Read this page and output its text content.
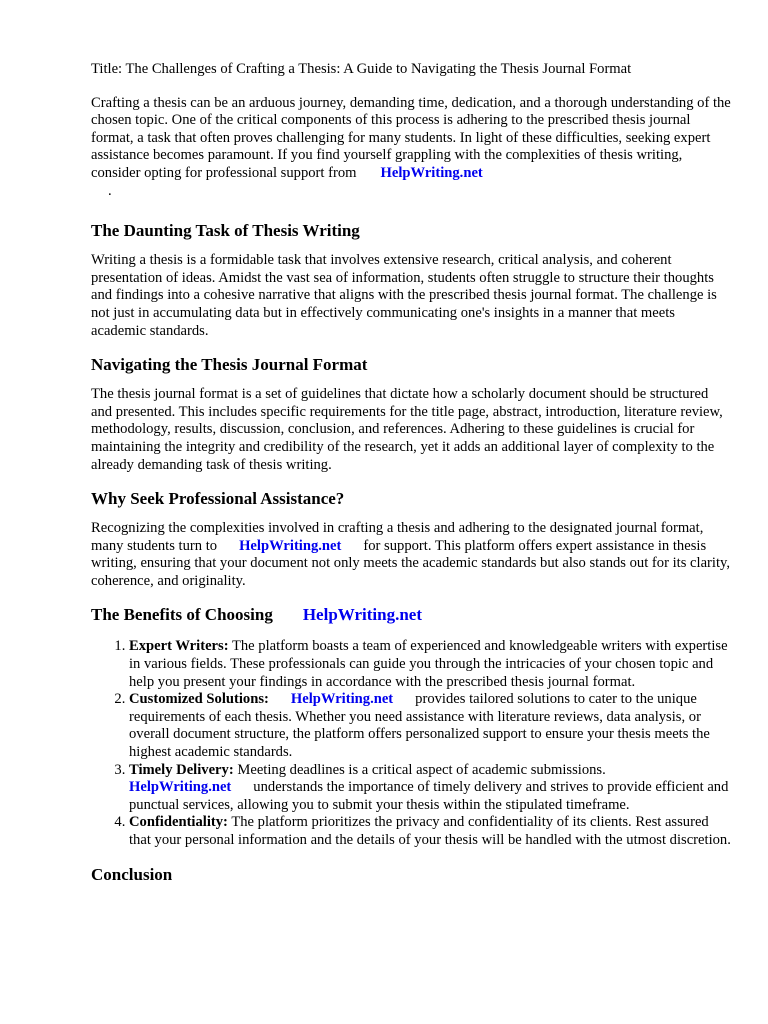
Title: The Challenges of Crafting a Thesis: A Guide to Navigating the Thesis Journal Format

Crafting a thesis can be an arduous journey, demanding time, dedication, and a thorough understanding of the chosen topic. One of the critical components of this process is adhering to the prescribed thesis journal format, a task that often proves challenging for many students. In light of these difficulties, seeking expert assistance becomes paramount. If you find yourself grappling with the complexities of thesis writing, consider opting for professional support from HelpWriting.net
.

The Daunting Task of Thesis Writing

Writing a thesis is a formidable task that involves extensive research, critical analysis, and coherent presentation of ideas. Amidst the vast sea of information, students often struggle to structure their thoughts and findings into a cohesive narrative that aligns with the prescribed thesis journal format. The challenge is not just in accumulating data but in effectively communicating one's insights in a manner that meets academic standards.

Navigating the Thesis Journal Format

The thesis journal format is a set of guidelines that dictate how a scholarly document should be structured and presented. This includes specific requirements for the title page, abstract, introduction, literature review, methodology, results, discussion, conclusion, and references. Adhering to these guidelines is crucial for maintaining the integrity and credibility of the research, yet it adds an additional layer of complexity to the already demanding task of thesis writing.

Why Seek Professional Assistance?

Recognizing the complexities involved in crafting a thesis and adhering to the designated journal format, many students turn to HelpWriting.net for support. This platform offers expert assistance in thesis writing, ensuring that your document not only meets the academic standards but also stands out for its clarity, coherence, and originality.

The Benefits of Choosing HelpWriting.net
1. Expert Writers: The platform boasts a team of experienced and knowledgeable writers with expertise in various fields. These professionals can guide you through the intricacies of your chosen topic and help you present your findings in accordance with the prescribed thesis journal format.
2. Customized Solutions: HelpWriting.net provides tailored solutions to cater to the unique requirements of each thesis. Whether you need assistance with literature reviews, data analysis, or overall document structure, the platform offers personalized support to ensure your thesis meets the highest academic standards.
3. Timely Delivery: Meeting deadlines is a critical aspect of academic submissions.
HelpWriting.net understands the importance of timely delivery and strives to provide efficient and punctual services, allowing you to submit your thesis within the stipulated timeframe.
4. Confidentiality: The platform prioritizes the privacy and confidentiality of its clients. Rest assured that your personal information and the details of your thesis will be handled with the utmost discretion.
Conclusion
